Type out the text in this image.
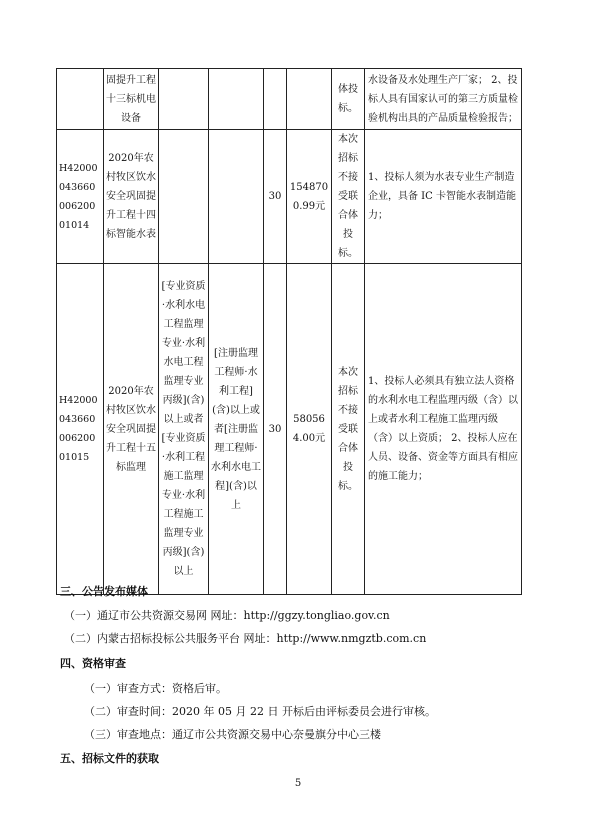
	固提升工程十三标机电设备					体投标。	水设备及水处理生产厂家； 2、投标人具有国家认可的第三方质量检验机构出具的产品质量检验报告；
H4200004366000620001014	2020年农村牧区饮水安全巩固提升工程十四标智能水表			30	1548700.99元	本次招标不接受联合体投标。	1、投标人须为水表专业生产制造企业，具备 IC 卡智能水表制造能力；
H4200004366000620001015	2020年农村牧区饮水安全巩固提升工程十五标监理	[专业资质·水利水电工程监理专业·水利水电工程监理专业丙级](含)以上或者[专业资质·水利工程施工监理专业·水利工程施工监理专业丙级](含)以上	[注册监理工程师·水利工程](含)以上或者[注册监理工程师·水利水电工程](含)以上	30	580564.00元	本次招标不接受联合体投标。	1、投标人必须具有独立法人资格的水利水电工程监理丙级（含）以上或者水利工程施工监理丙级（含）以上资质； 2、投标人应在人员、设备、资金等方面具有相应的施工能力；
三、公告发布媒体
（一）通辽市公共资源交易网 网址：http://ggzy.tongliao.gov.cn
（二）内蒙古招标投标公共服务平台 网址：http://www.nmgztb.com.cn
四、资格审查
（一）审查方式：资格后审。
（二）审查时间：2020 年 05 月 22 日 开标后由评标委员会进行审核。
（三）审查地点：通辽市公共资源交易中心奈曼旗分中心三楼
五、招标文件的获取
5
